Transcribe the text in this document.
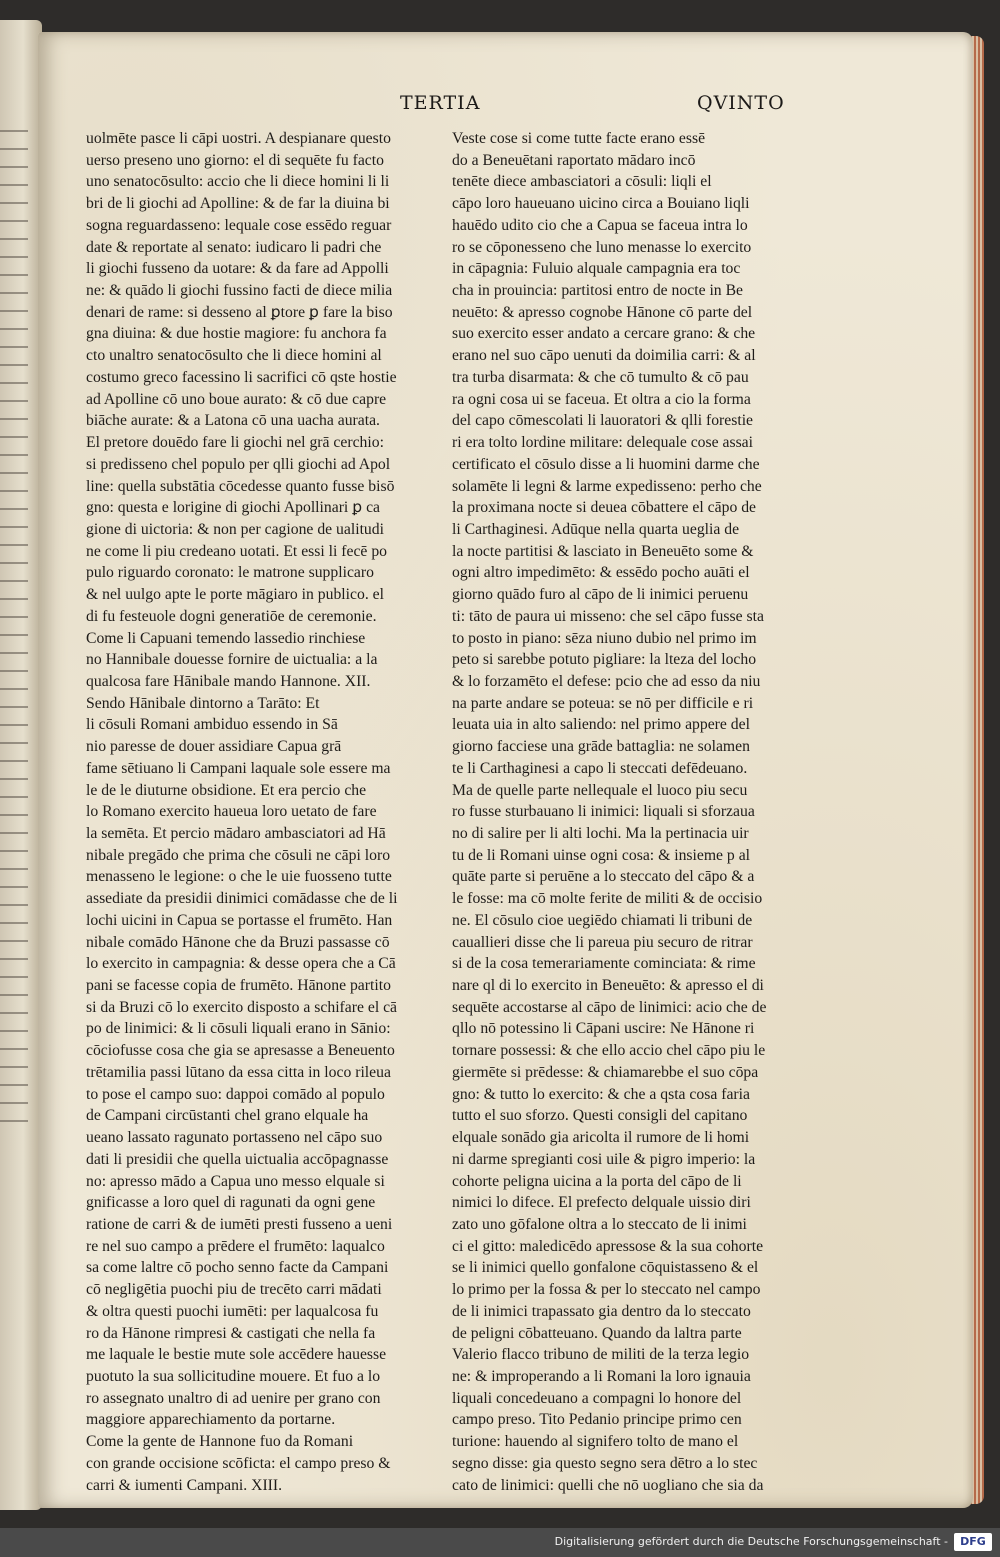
TERTIA	QVINTO
uolmēte pasce li cāpi uostri. A despianare questo
uerso preseno uno giorno: el di sequēte fu facto
uno senatocōsulto: accio che li diece homini li li
bri de li giochi ad Apolline: & de far la diuina bi
sogna reguardasseno: lequale cose essēdo reguar
date & reportate al senato: iudicaro li padri che
li giochi fusseno da uotare: & da fare ad Appolli
ne: & quādo li giochi fussino facti de diece milia
denari de rame: si desseno al ꝑtore ꝑ fare la biso
gna diuina: & due hostie magiore: fu anchora fa
cto unaltro senatocōsulto che li diece homini al
costumo greco facessino li sacrifici cō qste hostie
ad Apolline cō uno boue aurato: & cō due capre
biāche aurate: & a Latona cō una uacha aurata.
El pretore douēdo fare li giochi nel grā cerchio:
si predisseno chel populo per qlli giochi ad Apol
line: quella substātia cōcedesse quanto fusse bisō
gno: questa e lorigine di giochi Apollinari ꝑ ca
gione di uictoria: & non per cagione de ualitudi
ne come li piu credeano uotati. Et essi li fecē po
pulo riguardo coronato: le matrone supplicaro
& nel uulgo apte le porte māgiaro in publico. el
di fu festeuole dogni generatiōe de ceremonie.
Come li Capuani temendo lassedio rinchiese
no Hannibale douesse fornire de uictualia: a la
qualcosa fare Hānibale mando Hannone. XII.
Sendo Hānibale dintorno a Tarāto: Et
li cōsuli Romani ambiduo essendo in Sā
nio paresse de douer assidiare Capua grā
fame sētiuano li Campani laquale sole essere ma
le de le diuturne obsidione. Et era percio che
lo Romano exercito haueua loro uetato de fare
la semēta. Et percio mādaro ambasciatori ad Hā
nibale pregādo che prima che cōsuli ne cāpi loro
menasseno le legione: o che le uie fuosseno tutte
assediate da presidii dinimici comādasse che de li
lochi uicini in Capua se portasse el frumēto. Han
nibale comādo Hānone che da Bruzi passasse cō
lo exercito in campagnia: & desse opera che a Cā
pani se facesse copia de frumēto. Hānone partito
si da Bruzi cō lo exercito disposto a schifare el cā
po de linimici: & li cōsuli liquali erano in Sānio:
cōciofusse cosa che gia se apresasse a Beneuento
trētamilia passi lūtano da essa citta in loco rileua
to pose el campo suo: dappoi comādo al populo
de Campani circūstanti chel grano elquale ha
ueano lassato ragunato portasseno nel cāpo suo
dati li presidii che quella uictualia accōpagnasse
no: apresso mādo a Capua uno messo elquale si
gnificasse a loro quel di ragunati da ogni gene
ratione de carri & de iumēti presti fusseno a ueni
re nel suo campo a prēdere el frumēto: laqualco
sa come laltre cō pocho senno facte da Campani
cō negligētia puochi piu de trecēto carri mādati
& oltra questi puochi iumēti: per laqualcosa fu
ro da Hānone rimpresi & castigati che nella fa
me laquale le bestie mute sole accēdere hauesse
puotuto la sua sollicitudine mouere. Et fuo a lo
ro assegnato unaltro di ad uenire per grano con
maggiore apparechiamento da portarne.
Come la gente de Hannone fuo da Romani
con grande occisione scōficta: el campo preso &
carri & iumenti Campani. XIII.
Veste cose si come tutte facte erano essē
do a Beneuētani raportato mādaro incō
tenēte diece ambasciatori a cōsuli: liqli el
cāpo loro haueuano uicino circa a Bouiano liqli
hauēdo udito cio che a Capua se faceua intra lo
ro se cōponesseno che luno menasse lo exercito
in cāpagnia: Fuluio alquale campagnia era toc
cha in prouincia: partitosi entro de nocte in Be
neuēto: & apresso cognobe Hānone cō parte del
suo exercito esser andato a cercare grano: & che
erano nel suo cāpo uenuti da doimilia carri: & al
tra turba disarmata: & che cō tumulto & cō pau
ra ogni cosa ui se faceua. Et oltra a cio la forma
del capo cōmescolati li lauoratori & qlli forestie
ri era tolto lordine militare: delequale cose assai
certificato el cōsulo disse a li huomini darme che
solamēte li legni & larme expedisseno: perho che
la proximana nocte si deuea cōbattere el cāpo de
li Carthaginesi. Adūque nella quarta ueglia de
la nocte partitisi & lasciato in Beneuēto some &
ogni altro impedimēto: & essēdo pocho auāti el
giorno quādo furo al cāpo de li inimici peruenu
ti: tāto de paura ui misseno: che sel cāpo fusse sta
to posto in piano: sēza niuno dubio nel primo im
peto si sarebbe potuto pigliare: la lteza del locho
& lo forzamēto el defese: pcio che ad esso da niu
na parte andare se poteua: se nō per difficile e ri
leuata uia in alto saliendo: nel primo appere del
giorno facciese una grāde battaglia: ne solamen
te li Carthaginesi a capo li steccati defēdeuano.
Ma de quelle parte nellequale el luoco piu secu
ro fusse sturbauano li inimici: liquali si sforzaua
no di salire per li alti lochi. Ma la pertinacia uir
tu de li Romani uinse ogni cosa: & insieme p al
quāte parte si peruēne a lo steccato del cāpo & a
le fosse: ma cō molte ferite de militi & de occisio
ne. El cōsulo cioe uegiēdo chiamati li tribuni de
cauallieri disse che li pareua piu securo de ritrar
si de la cosa temerariamente cominciata: & rime
nare ql di lo exercito in Beneuēto: & apresso el di
sequēte accostarse al cāpo de linimici: acio che de
qllo nō potessino li Cāpani uscire: Ne Hānone ri
tornare possessi: & che ello accio chel cāpo piu le
giermēte si prēdesse: & chiamarebbe el suo cōpa
gno: & tutto lo exercito: & che a qsta cosa faria
tutto el suo sforzo. Questi consigli del capitano
elquale sonādo gia aricolta il rumore de li homi
ni darme spregianti cosi uile & pigro imperio: la
cohorte peligna uicina a la porta del cāpo de li
nimici lo difece. El prefecto delquale uissio diri
zato uno gōfalone oltra a lo steccato de li inimi
ci el gitto: maledicēdo apressose & la sua cohorte
se li inimici quello gonfalone cōquistasseno & el
lo primo per la fossa & per lo steccato nel campo
de li inimici trapassato gia dentro da lo steccato
de peligni cōbatteuano. Quando da laltra parte
Valerio flacco tribuno de militi de la terza legio
ne: & improperando a li Romani la loro ignauia
liquali concedeuano a compagni lo honore del
campo preso. Tito Pedanio principe primo cen
turione: hauendo al signifero tolto de mano el
segno disse: gia questo segno sera dētro a lo stec
cato de linimici: quelli che nō uogliano che sia da
Digitalisierung gefördert durch die Deutsche Forschungsgemeinschaft -	DFG
